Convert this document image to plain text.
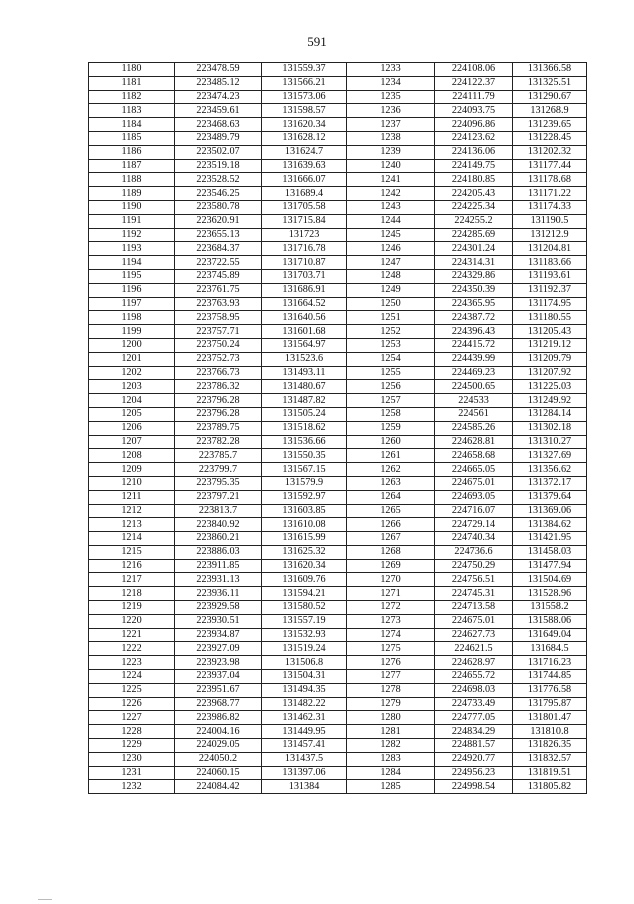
591
1180	223478.59	131559.37	1233	224108.06	131366.58
1181	223485.12	131566.21	1234	224122.37	131325.51
1182	223474.23	131573.06	1235	224111.79	131290.67
1183	223459.61	131598.57	1236	224093.75	131268.9
1184	223468.63	131620.34	1237	224096.86	131239.65
1185	223489.79	131628.12	1238	224123.62	131228.45
1186	223502.07	131624.7	1239	224136.06	131202.32
1187	223519.18	131639.63	1240	224149.75	131177.44
1188	223528.52	131666.07	1241	224180.85	131178.68
1189	223546.25	131689.4	1242	224205.43	131171.22
1190	223580.78	131705.58	1243	224225.34	131174.33
1191	223620.91	131715.84	1244	224255.2	131190.5
1192	223655.13	131723	1245	224285.69	131212.9
1193	223684.37	131716.78	1246	224301.24	131204.81
1194	223722.55	131710.87	1247	224314.31	131183.66
1195	223745.89	131703.71	1248	224329.86	131193.61
1196	223761.75	131686.91	1249	224350.39	131192.37
1197	223763.93	131664.52	1250	224365.95	131174.95
1198	223758.95	131640.56	1251	224387.72	131180.55
1199	223757.71	131601.68	1252	224396.43	131205.43
1200	223750.24	131564.97	1253	224415.72	131219.12
1201	223752.73	131523.6	1254	224439.99	131209.79
1202	223766.73	131493.11	1255	224469.23	131207.92
1203	223786.32	131480.67	1256	224500.65	131225.03
1204	223796.28	131487.82	1257	224533	131249.92
1205	223796.28	131505.24	1258	224561	131284.14
1206	223789.75	131518.62	1259	224585.26	131302.18
1207	223782.28	131536.66	1260	224628.81	131310.27
1208	223785.7	131550.35	1261	224658.68	131327.69
1209	223799.7	131567.15	1262	224665.05	131356.62
1210	223795.35	131579.9	1263	224675.01	131372.17
1211	223797.21	131592.97	1264	224693.05	131379.64
1212	223813.7	131603.85	1265	224716.07	131369.06
1213	223840.92	131610.08	1266	224729.14	131384.62
1214	223860.21	131615.99	1267	224740.34	131421.95
1215	223886.03	131625.32	1268	224736.6	131458.03
1216	223911.85	131620.34	1269	224750.29	131477.94
1217	223931.13	131609.76	1270	224756.51	131504.69
1218	223936.11	131594.21	1271	224745.31	131528.96
1219	223929.58	131580.52	1272	224713.58	131558.2
1220	223930.51	131557.19	1273	224675.01	131588.06
1221	223934.87	131532.93	1274	224627.73	131649.04
1222	223927.09	131519.24	1275	224621.5	131684.5
1223	223923.98	131506.8	1276	224628.97	131716.23
1224	223937.04	131504.31	1277	224655.72	131744.85
1225	223951.67	131494.35	1278	224698.03	131776.58
1226	223968.77	131482.22	1279	224733.49	131795.87
1227	223986.82	131462.31	1280	224777.05	131801.47
1228	224004.16	131449.95	1281	224834.29	131810.8
1229	224029.05	131457.41	1282	224881.57	131826.35
1230	224050.2	131437.5	1283	224920.77	131832.57
1231	224060.15	131397.06	1284	224956.23	131819.51
1232	224084.42	131384	1285	224998.54	131805.82
